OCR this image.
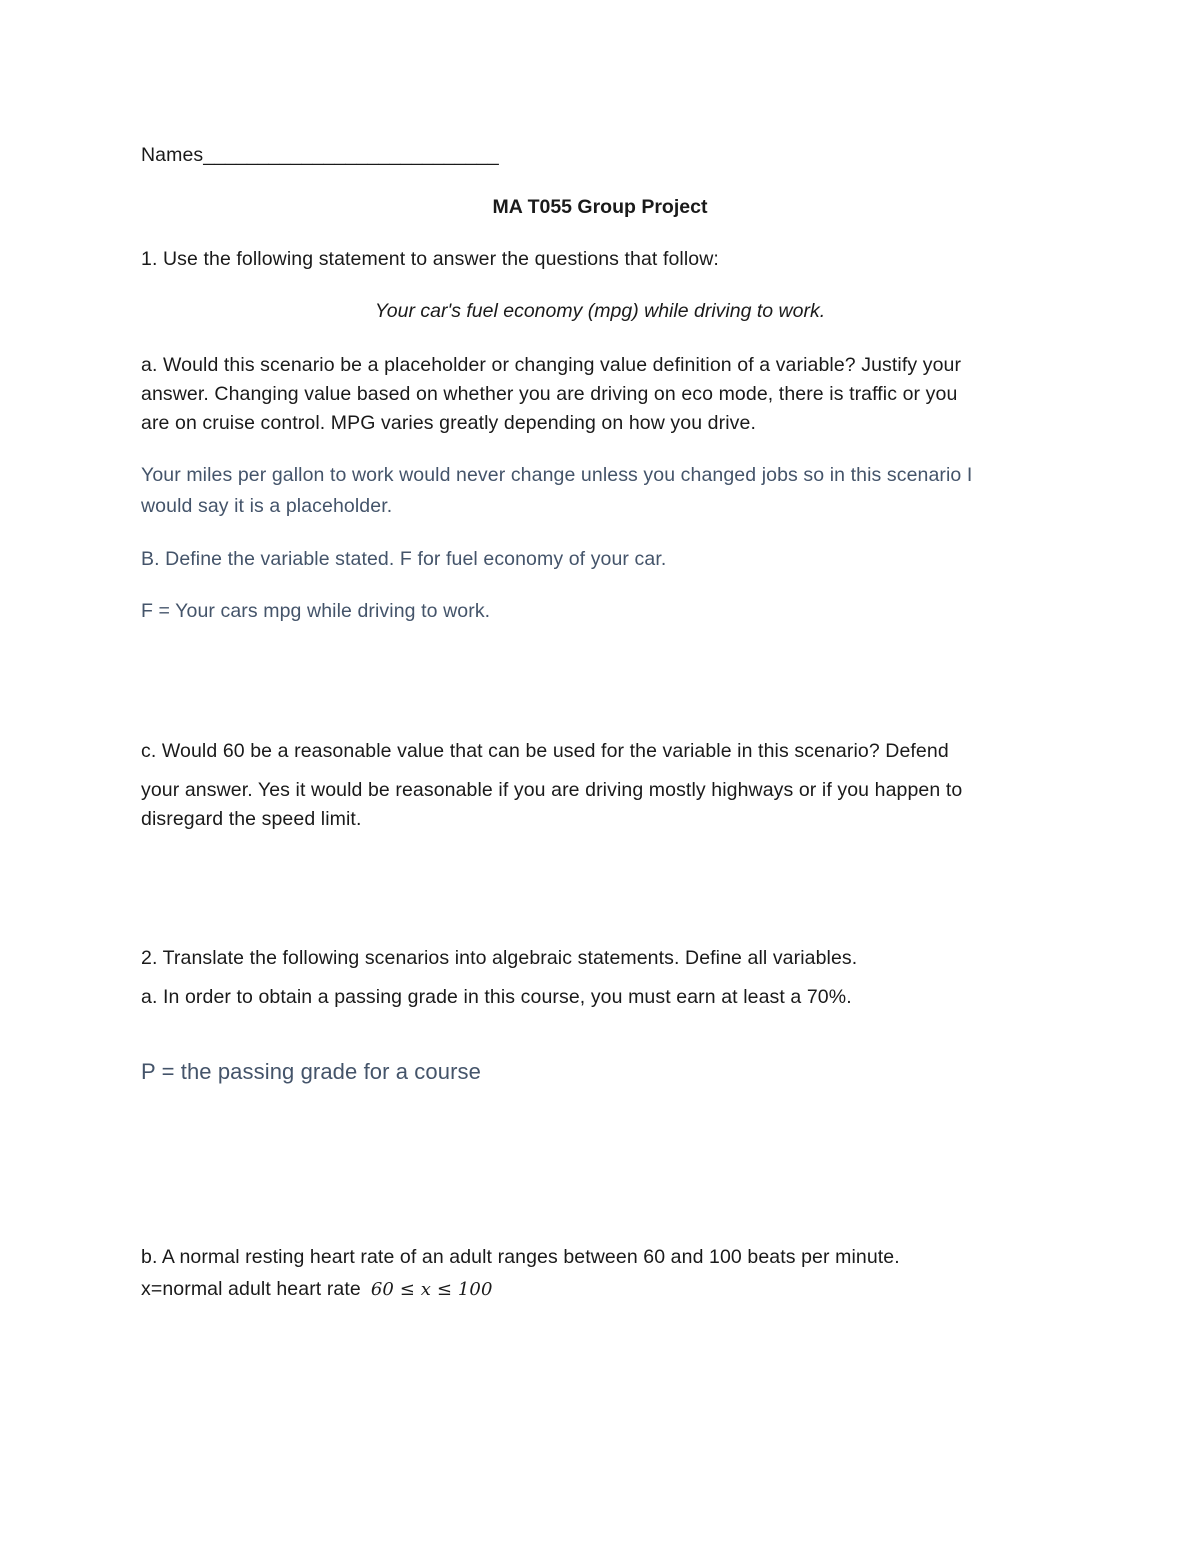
Names___________________________
MA T055 Group Project
1. Use the following statement to answer the questions that follow:
Your car's fuel economy (mpg) while driving to work.
a. Would this scenario be a placeholder or changing value definition of a variable? Justify your
answer. Changing value based on whether you are driving on eco mode, there is traffic or you
are on cruise control. MPG varies greatly depending on how you drive.
Your miles per gallon to work would never change unless you changed jobs so in this scenario I
would say it is a placeholder.
B. Define the variable stated. F for fuel economy of your car.
F = Your cars mpg while driving to work.
c. Would 60 be a reasonable value that can be used for the variable in this scenario? Defend
your answer. Yes it would be reasonable if you are driving mostly highways or if you happen to
disregard the speed limit.
2. Translate the following scenarios into algebraic statements. Define all variables.
a. In order to obtain a passing grade in this course, you must earn at least a 70%.
P = the passing grade for a course
b. A normal resting heart rate of an adult ranges between 60 and 100 beats per minute.
x=normal adult heart rate 60 ≤ x ≤ 100
